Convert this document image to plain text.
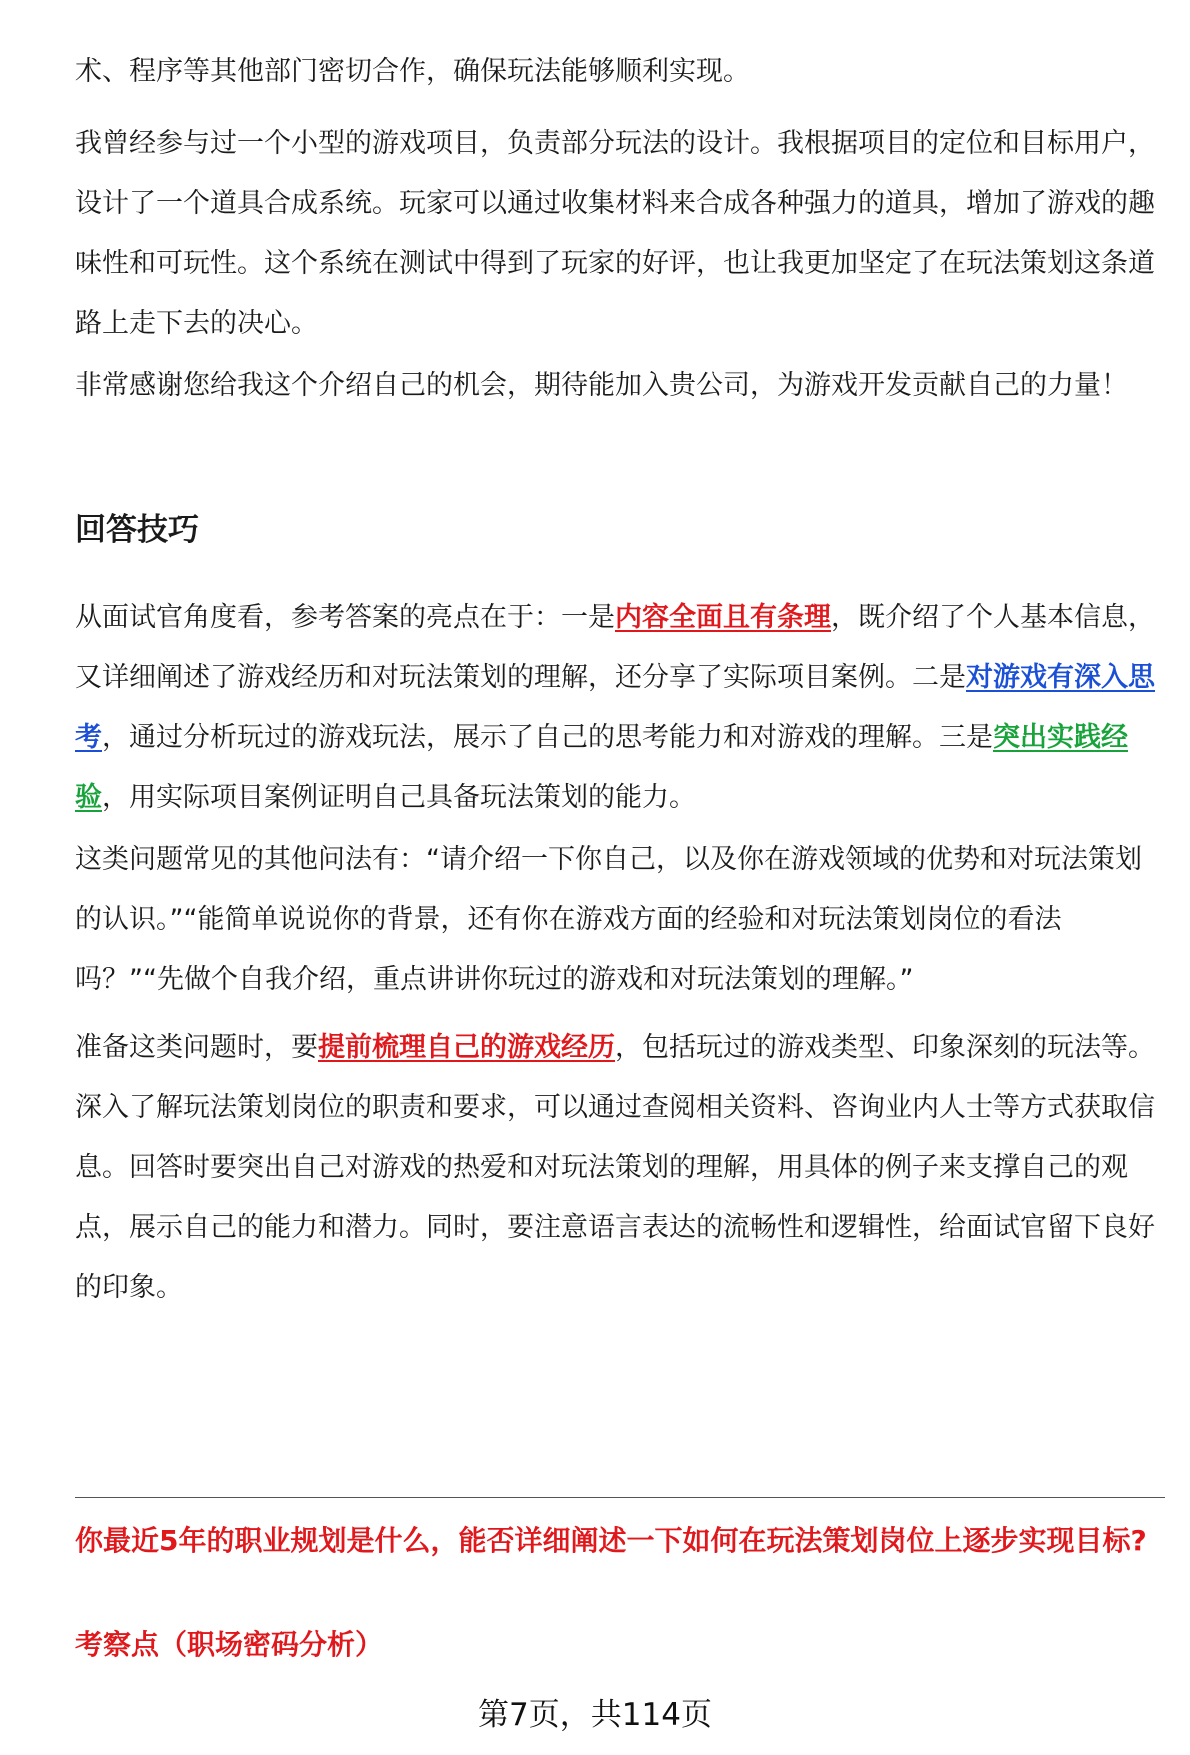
术、程序等其他部门密切合作，确保玩法能够顺利实现。

我曾经参与过一个小型的游戏项目，负责部分玩法的设计。我根据项目的定位和目标用户，设计了一个道具合成系统。玩家可以通过收集材料来合成各种强力的道具，增加了游戏的趣味性和可玩性。这个系统在测试中得到了玩家的好评，也让我更加坚定了在玩法策划这条道路上走下去的决心。

非常感谢您给我这个介绍自己的机会，期待能加入贵公司，为游戏开发贡献自己的力量！

回答技巧

从面试官角度看，参考答案的亮点在于：一是内容全面且有条理，既介绍了个人基本信息，又详细阐述了游戏经历和对玩法策划的理解，还分享了实际项目案例。二是对游戏有深入思考，通过分析玩过的游戏玩法，展示了自己的思考能力和对游戏的理解。三是突出实践经验，用实际项目案例证明自己具备玩法策划的能力。

这类问题常见的其他问法有：“请介绍一下你自己，以及你在游戏领域的优势和对玩法策划的认识。”“能简单说说你的背景，还有你在游戏方面的经验和对玩法策划岗位的看法吗？”“先做个自我介绍，重点讲讲你玩过的游戏和对玩法策划的理解。”

准备这类问题时，要提前梳理自己的游戏经历，包括玩过的游戏类型、印象深刻的玩法等。深入了解玩法策划岗位的职责和要求，可以通过查阅相关资料、咨询业内人士等方式获取信息。回答时要突出自己对游戏的热爱和对玩法策划的理解，用具体的例子来支撑自己的观点，展示自己的能力和潜力。同时，要注意语言表达的流畅性和逻辑性，给面试官留下良好的印象。

你最近5年的职业规划是什么，能否详细阐述一下如何在玩法策划岗位上逐步实现目标?

考察点（职场密码分析）

第7页，共114页
